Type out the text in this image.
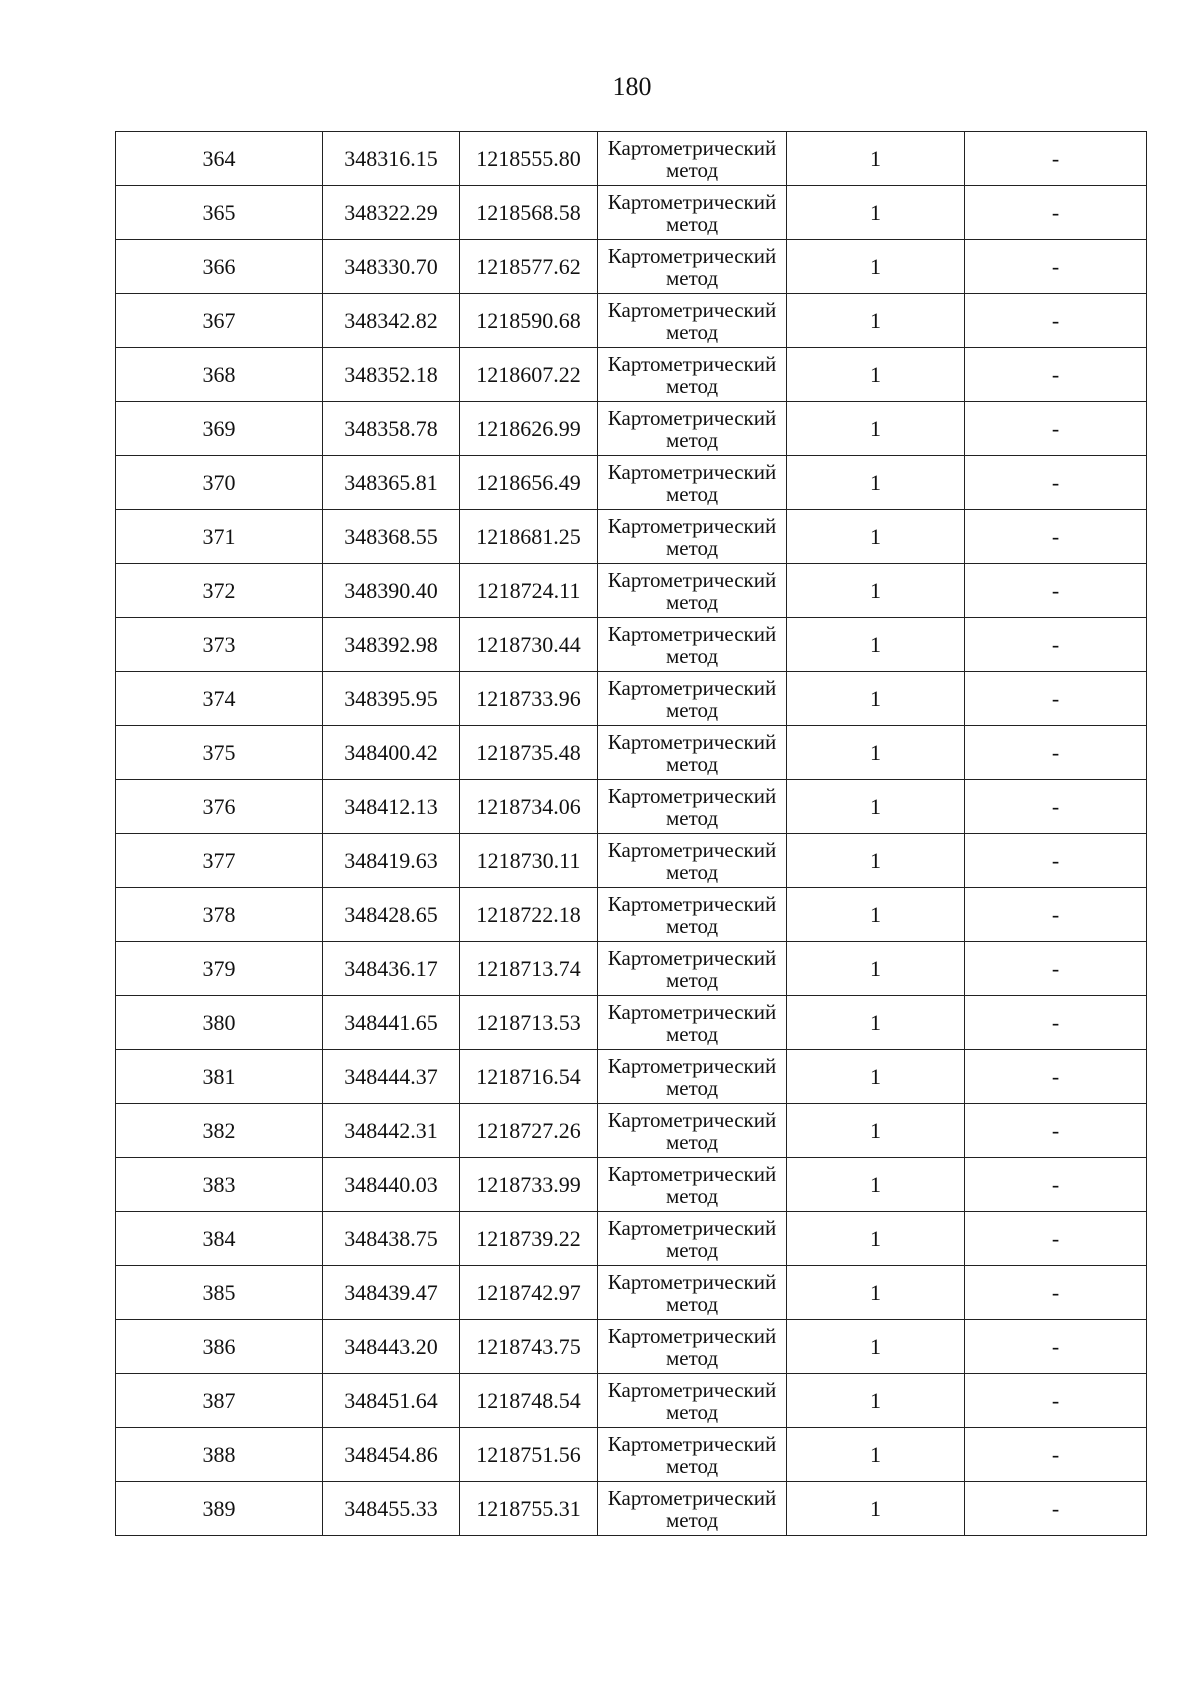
180
364	348316.15	1218555.80	Картометрический метод	1	-
365	348322.29	1218568.58	Картометрический метод	1	-
366	348330.70	1218577.62	Картометрический метод	1	-
367	348342.82	1218590.68	Картометрический метод	1	-
368	348352.18	1218607.22	Картометрический метод	1	-
369	348358.78	1218626.99	Картометрический метод	1	-
370	348365.81	1218656.49	Картометрический метод	1	-
371	348368.55	1218681.25	Картометрический метод	1	-
372	348390.40	1218724.11	Картометрический метод	1	-
373	348392.98	1218730.44	Картометрический метод	1	-
374	348395.95	1218733.96	Картометрический метод	1	-
375	348400.42	1218735.48	Картометрический метод	1	-
376	348412.13	1218734.06	Картометрический метод	1	-
377	348419.63	1218730.11	Картометрический метод	1	-
378	348428.65	1218722.18	Картометрический метод	1	-
379	348436.17	1218713.74	Картометрический метод	1	-
380	348441.65	1218713.53	Картометрический метод	1	-
381	348444.37	1218716.54	Картометрический метод	1	-
382	348442.31	1218727.26	Картометрический метод	1	-
383	348440.03	1218733.99	Картометрический метод	1	-
384	348438.75	1218739.22	Картометрический метод	1	-
385	348439.47	1218742.97	Картометрический метод	1	-
386	348443.20	1218743.75	Картометрический метод	1	-
387	348451.64	1218748.54	Картометрический метод	1	-
388	348454.86	1218751.56	Картометрический метод	1	-
389	348455.33	1218755.31	Картометрический метод	1	-
